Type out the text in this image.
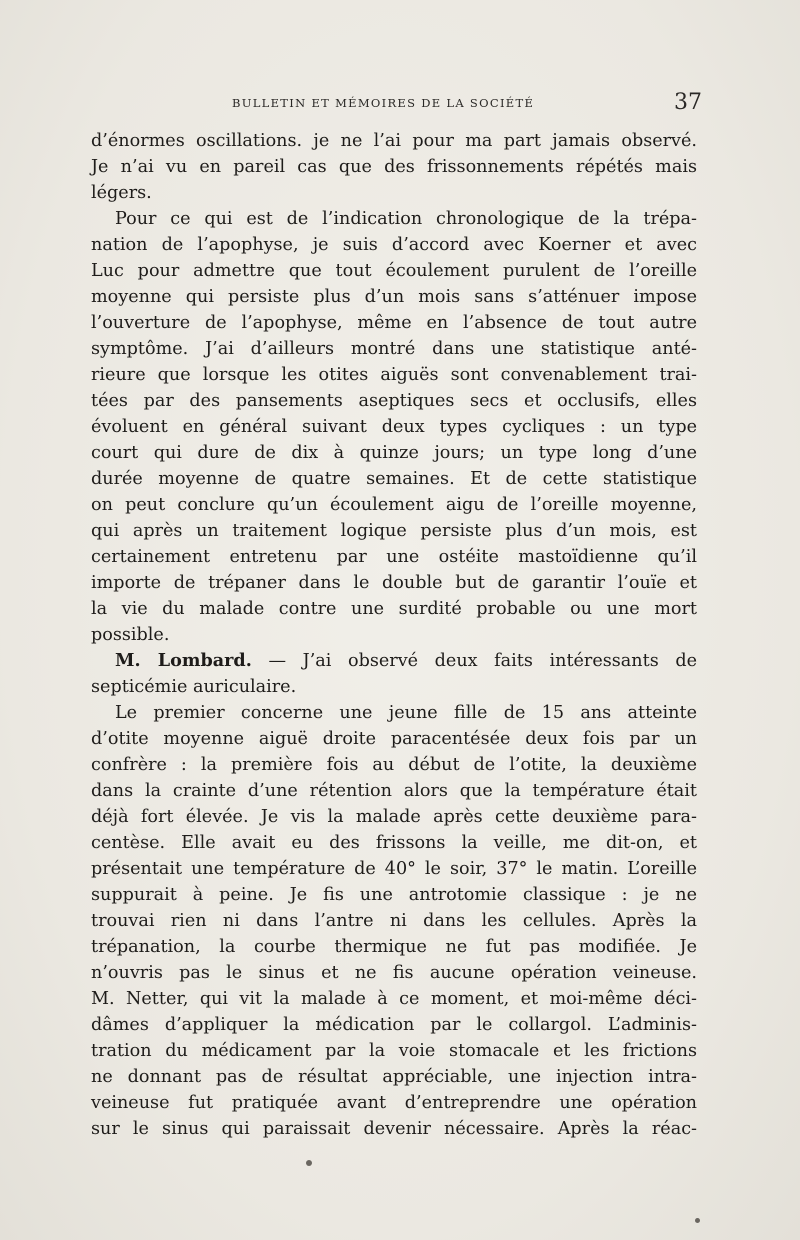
BULLETIN ET MÉMOIRES DE LA SOCIÉTÉ	37
d’énormes oscillations. je ne l’ai pour ma part jamais observé.
Je n’ai vu en pareil cas que des frissonnements répétés mais
légers.
Pour ce qui est de l’indication chronologique de la trépa-
nation de l’apophyse, je suis d’accord avec Koerner et avec
Luc pour admettre que tout écoulement purulent de l’oreille
moyenne qui persiste plus d’un mois sans s’atténuer impose
l’ouverture de l’apophyse, même en l’absence de tout autre
symptôme. J’ai d’ailleurs montré dans une statistique anté-
rieure que lorsque les otites aiguës sont convenablement trai-
tées par des pansements aseptiques secs et occlusifs, elles
évoluent en général suivant deux types cycliques : un type
court qui dure de dix à quinze jours; un type long d’une
durée moyenne de quatre semaines. Et de cette statistique
on peut conclure qu’un écoulement aigu de l’oreille moyenne,
qui après un traitement logique persiste plus d’un mois, est
certainement entretenu par une ostéite mastoïdienne qu’il
importe de trépaner dans le double but de garantir l’ouïe et
la vie du malade contre une surdité probable ou une mort
possible.
M. Lombard. — J’ai observé deux faits intéressants de
septicémie auriculaire.
Le premier concerne une jeune fille de 15 ans atteinte
d’otite moyenne aiguë droite paracentésée deux fois par un
confrère : la première fois au début de l’otite, la deuxième
dans la crainte d’une rétention alors que la température était
déjà fort élevée. Je vis la malade après cette deuxième para-
centèse. Elle avait eu des frissons la veille, me dit-on, et
présentait une température de 40° le soir, 37° le matin. L’oreille
suppurait à peine. Je fis une antrotomie classique : je ne
trouvai rien ni dans l’antre ni dans les cellules. Après la
trépanation, la courbe thermique ne fut pas modifiée. Je
n’ouvris pas le sinus et ne fis aucune opération veineuse.
M. Netter, qui vit la malade à ce moment, et moi-même déci-
dâmes d’appliquer la médication par le collargol. L’adminis-
tration du médicament par la voie stomacale et les frictions
ne donnant pas de résultat appréciable, une injection intra-
veineuse fut pratiquée avant d’entreprendre une opération
sur le sinus qui paraissait devenir nécessaire. Après la réac-
